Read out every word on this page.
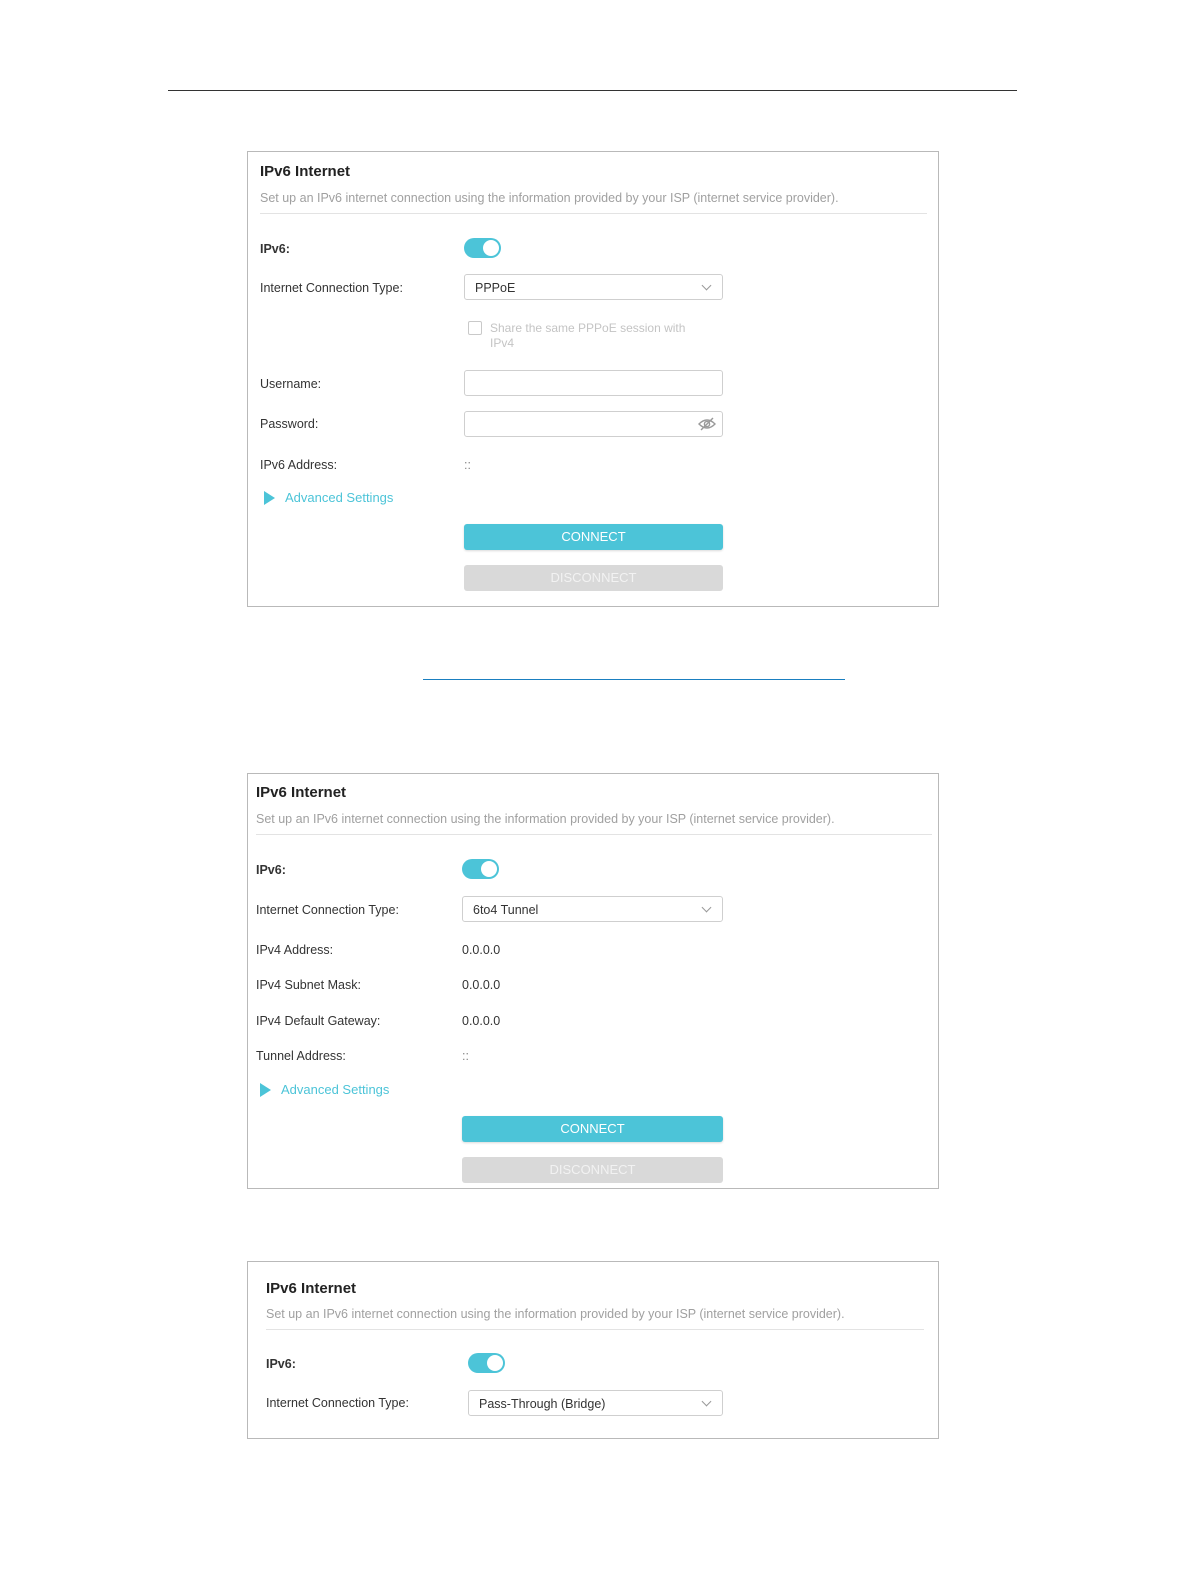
IPv6 Internet
Set up an IPv6 internet connection using the information provided by your ISP (internet service provider).
IPv6:
Internet Connection Type:	PPPoE
Share the same PPPoE session with IPv4
Username:
Password:
IPv6 Address:	::
Advanced Settings
CONNECT
DISCONNECT
IPv6 Internet
Set up an IPv6 internet connection using the information provided by your ISP (internet service provider).
IPv6:
Internet Connection Type:	6to4 Tunnel
IPv4 Address:	0.0.0.0
IPv4 Subnet Mask:	0.0.0.0
IPv4 Default Gateway:	0.0.0.0
Tunnel Address:	::
Advanced Settings
CONNECT
DISCONNECT
IPv6 Internet
Set up an IPv6 internet connection using the information provided by your ISP (internet service provider).
IPv6:
Internet Connection Type:	Pass-Through (Bridge)
